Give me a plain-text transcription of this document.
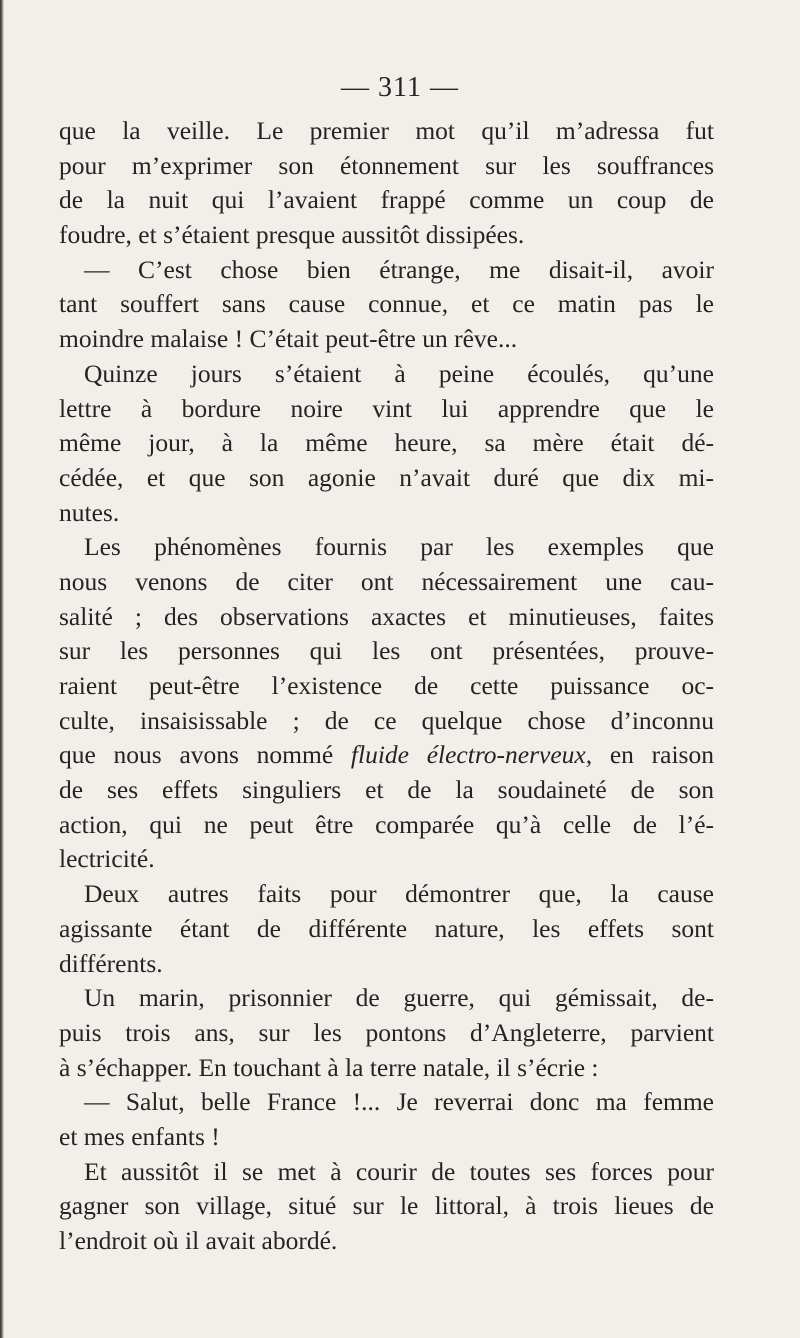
— 311 —
que la veille. Le premier mot qu’il m’adressa fut
pour m’exprimer son étonnement sur les souffrances
de la nuit qui l’avaient frappé comme un coup de
foudre, et s’étaient presque aussitôt dissipées.
— C’est chose bien étrange, me disait-il, avoir
tant souffert sans cause connue, et ce matin pas le
moindre malaise ! C’était peut-être un rêve...
Quinze jours s’étaient à peine écoulés, qu’une
lettre à bordure noire vint lui apprendre que le
même jour, à la même heure, sa mère était dé-
cédée, et que son agonie n’avait duré que dix mi-
nutes.
Les phénomènes fournis par les exemples que
nous venons de citer ont nécessairement une cau-
salité ; des observations axactes et minutieuses, faites
sur les personnes qui les ont présentées, prouve-
raient peut-être l’existence de cette puissance oc-
culte, insaisissable ; de ce quelque chose d’inconnu
que nous avons nommé fluide électro-nerveux, en raison
de ses effets singuliers et de la soudaineté de son
action, qui ne peut être comparée qu’à celle de l’é-
lectricité.
Deux autres faits pour démontrer que, la cause
agissante étant de différente nature, les effets sont
différents.
Un marin, prisonnier de guerre, qui gémissait, de-
puis trois ans, sur les pontons d’Angleterre, parvient
à s’échapper. En touchant à la terre natale, il s’écrie :
— Salut, belle France !... Je reverrai donc ma femme
et mes enfants !
Et aussitôt il se met à courir de toutes ses forces pour
gagner son village, situé sur le littoral, à trois lieues de
l’endroit où il avait abordé.
